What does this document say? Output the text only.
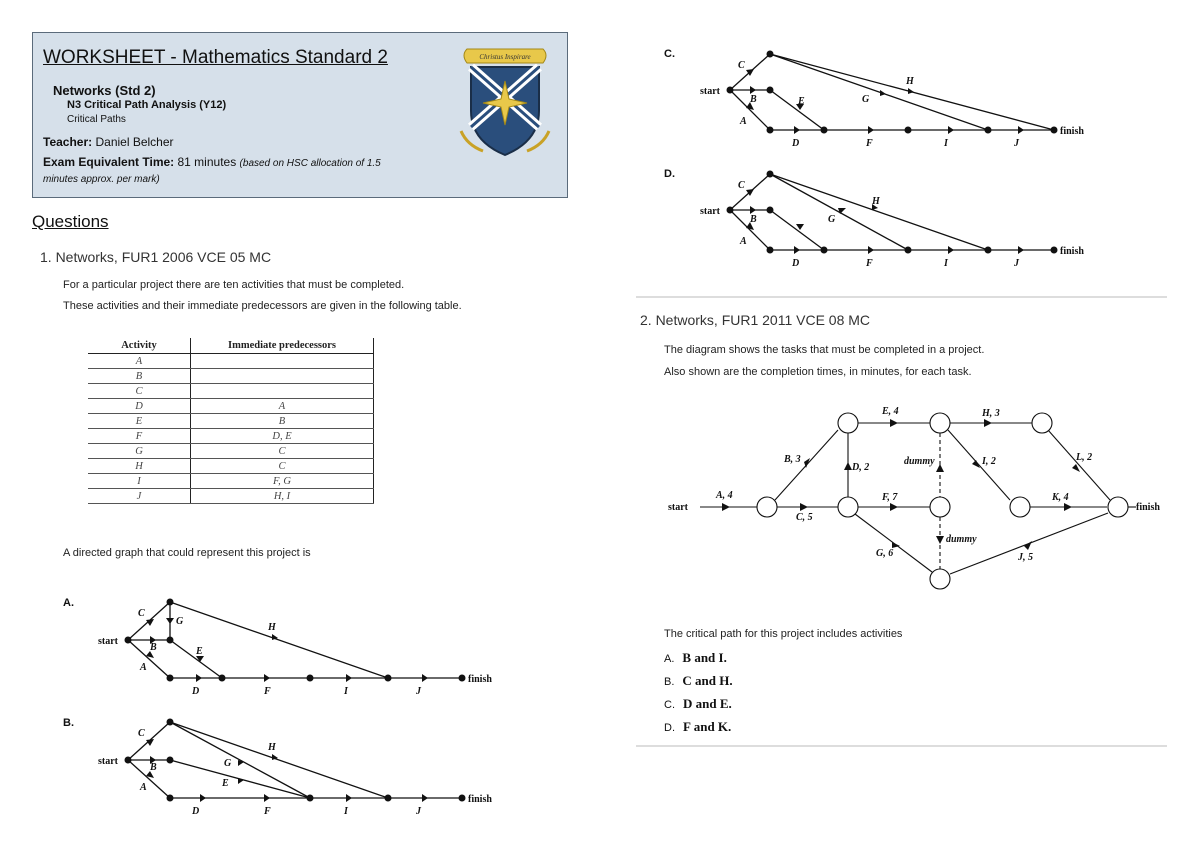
WORKSHEET - Mathematics Standard 2
Networks (Std 2)
N3 Critical Path Analysis (Y12)
Critical Paths
Teacher: Daniel Belcher
Exam Equivalent Time: 81 minutes (based on HSC allocation of 1.5
minutes approx. per mark)
Christus Inspirare
Questions
1. Networks, FUR1 2006 VCE 05 MC
For a particular project there are ten activities that must be completed.
These activities and their immediate predecessors are given in the following table.
Activity	Immediate predecessors
A	
B	
C	
D	A
E	B
F	D, E
G	C
H	C
I	F, G
J	H, I
A directed graph that could represent this project is
A.
B.
C.
D.
start
finish
C
B
A
G
E
H
D	F	I	J
start
finish
C
B
A
G
E
H
D	F	I	J
start
finish
C
B
A
E	G
H
D	F	I	J
start
finish
C
B
A
G
H
D	F	I	J
2. Networks, FUR1 2011 VCE 08 MC
The diagram shows the tasks that must be completed in a project.
Also shown are the completion times, in minutes, for each task.
start	finish
A, 4
B, 3
C, 5
D, 2
E, 4
F, 7
G, 6
H, 3
I, 2
J, 5
K, 4
L, 2
dummy
dummy
The critical path for this project includes activities
A. B and I.
B. C and H.
C. D and E.
D. F and K.
